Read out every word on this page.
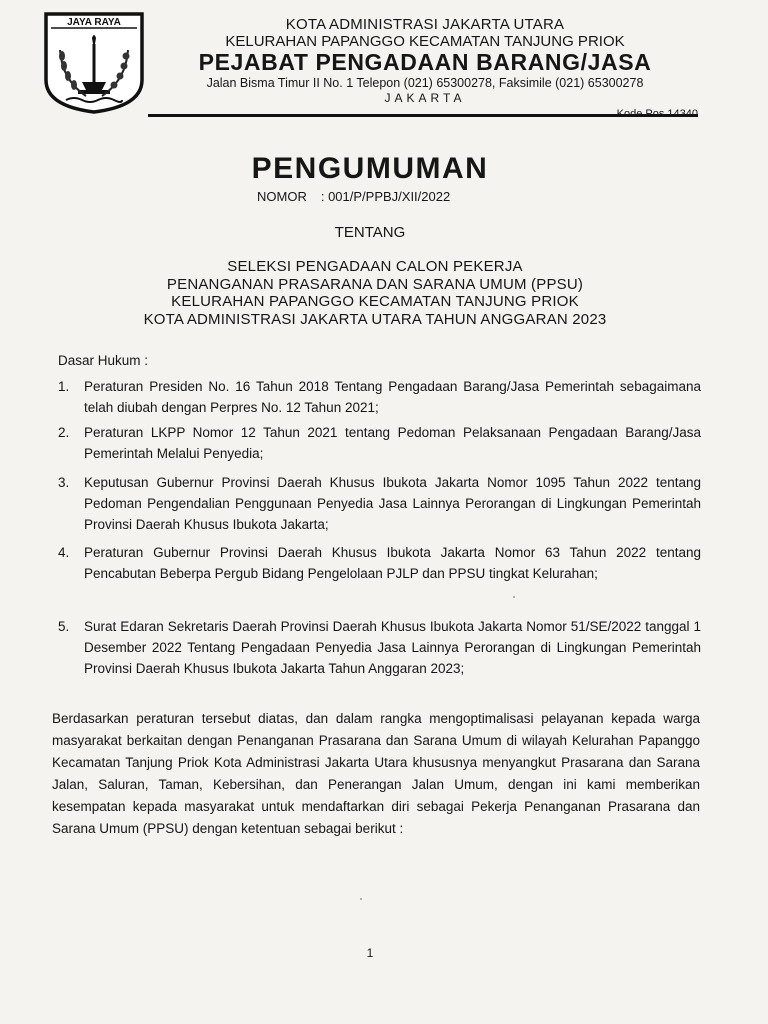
JAYA RAYA	KOTA ADMINISTRASI JAKARTA UTARA
KELURAHAN PAPANGGO KECAMATAN TANJUNG PRIOK
PEJABAT PENGADAAN BARANG/JASA
Jalan Bisma Timur II No. 1 Telepon (021) 65300278, Faksimile (021) 65300278
JAKARTA
Kode Pos 14340
PENGUMUMAN
NOMOR : 001/P/PPBJ/XII/2022
TENTANG
SELEKSI PENGADAAN CALON PEKERJA
PENANGANAN PRASARANA DAN SARANA UMUM (PPSU)
KELURAHAN PAPANGGO KECAMATAN TANJUNG PRIOK
KOTA ADMINISTRASI JAKARTA UTARA TAHUN ANGGARAN 2023
Dasar Hukum :
1. Peraturan Presiden No. 16 Tahun 2018 Tentang Pengadaan Barang/Jasa Pemerintah sebagaimana telah diubah dengan Perpres No. 12 Tahun 2021;
2. Peraturan LKPP Nomor 12 Tahun 2021 tentang Pedoman Pelaksanaan Pengadaan Barang/Jasa Pemerintah Melalui Penyedia;
3. Keputusan Gubernur Provinsi Daerah Khusus Ibukota Jakarta Nomor 1095 Tahun 2022 tentang Pedoman Pengendalian Penggunaan Penyedia Jasa Lainnya Perorangan di Lingkungan Pemerintah Provinsi Daerah Khusus Ibukota Jakarta;
4. Peraturan Gubernur Provinsi Daerah Khusus Ibukota Jakarta Nomor 63 Tahun 2022 tentang Pencabutan Beberpa Pergub Bidang Pengelolaan PJLP dan PPSU tingkat Kelurahan;
5. Surat Edaran Sekretaris Daerah Provinsi Daerah Khusus Ibukota Jakarta Nomor 51/SE/2022 tanggal 1 Desember 2022 Tentang Pengadaan Penyedia Jasa Lainnya Perorangan di Lingkungan Pemerintah Provinsi Daerah Khusus Ibukota Jakarta Tahun Anggaran 2023;
Berdasarkan peraturan tersebut diatas, dan dalam rangka mengoptimalisasi pelayanan kepada warga masyarakat berkaitan dengan Penanganan Prasarana dan Sarana Umum di wilayah Kelurahan Papanggo Kecamatan Tanjung Priok Kota Administrasi Jakarta Utara khususnya menyangkut Prasarana dan Sarana Jalan, Saluran, Taman, Kebersihan, dan Penerangan Jalan Umum, dengan ini kami memberikan kesempatan kepada masyarakat untuk mendaftarkan diri sebagai Pekerja Penanganan Prasarana dan Sarana Umum (PPSU) dengan ketentuan sebagai berikut :
1
